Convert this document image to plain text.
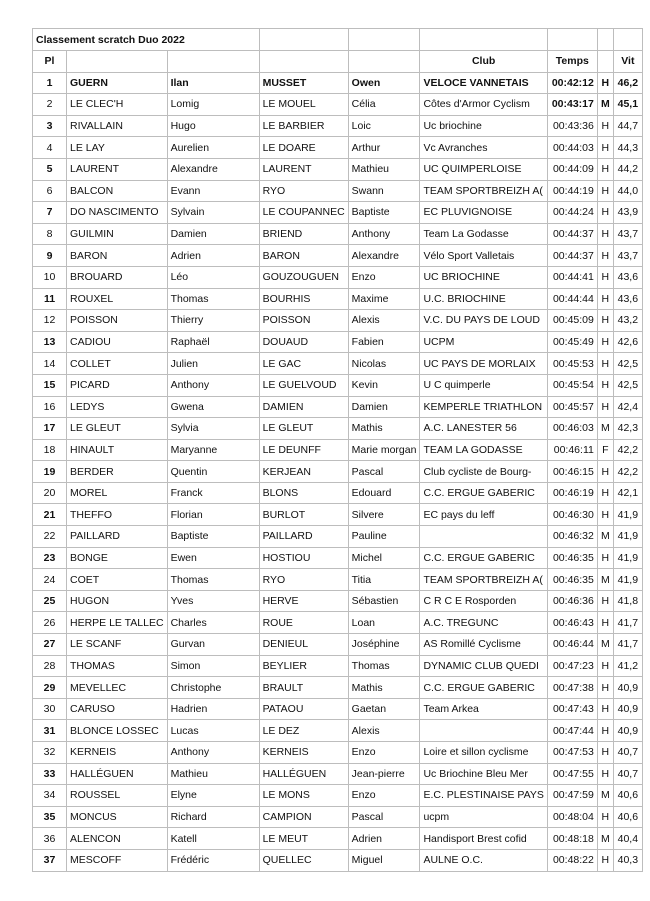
Classement scratch Duo 2022								
Pl					Club	Temps		Vit
1	GUERN	Ilan	MUSSET	Owen	VELOCE VANNETAIS	00:42:12	H	46,2
2	LE CLEC'H	Lomig	LE MOUEL	Célia	Côtes d'Armor Cyclism	00:43:17	M	45,1
3	RIVALLAIN	Hugo	LE BARBIER	Loic	Uc briochine	00:43:36	H	44,7
4	LE LAY	Aurelien	LE DOARE	Arthur	Vc Avranches	00:44:03	H	44,3
5	LAURENT	Alexandre	LAURENT	Mathieu	UC QUIMPERLOISE	00:44:09	H	44,2
6	BALCON	Evann	RYO	Swann	TEAM SPORTBREIZH A(	00:44:19	H	44,0
7	DO NASCIMENTO	Sylvain	LE COUPANNEC	Baptiste	EC PLUVIGNOISE	00:44:24	H	43,9
8	GUILMIN	Damien	BRIEND	Anthony	Team La Godasse	00:44:37	H	43,7
9	BARON	Adrien	BARON	Alexandre	Vélo Sport Valletais	00:44:37	H	43,7
10	BROUARD	Léo	GOUZOUGUEN	Enzo	UC BRIOCHINE	00:44:41	H	43,6
11	ROUXEL	Thomas	BOURHIS	Maxime	U.C. BRIOCHINE	00:44:44	H	43,6
12	POISSON	Thierry	POISSON	Alexis	V.C. DU PAYS DE LOUD	00:45:09	H	43,2
13	CADIOU	Raphaël	DOUAUD	Fabien	UCPM	00:45:49	H	42,6
14	COLLET	Julien	LE GAC	Nicolas	UC PAYS DE MORLAIX	00:45:53	H	42,5
15	PICARD	Anthony	LE GUELVOUD	Kevin	U C quimperle	00:45:54	H	42,5
16	LEDYS	Gwena	DAMIEN	Damien	KEMPERLE TRIATHLON	00:45:57	H	42,4
17	LE GLEUT	Sylvia	LE GLEUT	Mathis	A.C. LANESTER 56	00:46:03	M	42,3
18	HINAULT	Maryanne	LE DEUNFF	Marie morgan	TEAM LA GODASSE	00:46:11	F	42,2
19	BERDER	Quentin	KERJEAN	Pascal	Club cycliste de Bourg-	00:46:15	H	42,2
20	MOREL	Franck	BLONS	Edouard	C.C. ERGUE GABERIC	00:46:19	H	42,1
21	THEFFO	Florian	BURLOT	Silvere	EC pays du leff	00:46:30	H	41,9
22	PAILLARD	Baptiste	PAILLARD	Pauline		00:46:32	M	41,9
23	BONGE	Ewen	HOSTIOU	Michel	C.C. ERGUE GABERIC	00:46:35	H	41,9
24	COET	Thomas	RYO	Titia	TEAM SPORTBREIZH A(	00:46:35	M	41,9
25	HUGON	Yves	HERVE	Sébastien	C R C E Rosporden	00:46:36	H	41,8
26	HERPE LE TALLEC	Charles	ROUE	Loan	A.C. TREGUNC	00:46:43	H	41,7
27	LE SCANF	Gurvan	DENIEUL	Joséphine	AS Romillé Cyclisme	00:46:44	M	41,7
28	THOMAS	Simon	BEYLIER	Thomas	DYNAMIC CLUB QUEDI	00:47:23	H	41,2
29	MEVELLEC	Christophe	BRAULT	Mathis	C.C. ERGUE GABERIC	00:47:38	H	40,9
30	CARUSO	Hadrien	PATAOU	Gaetan	Team Arkea	00:47:43	H	40,9
31	BLONCE LOSSEC	Lucas	LE DEZ	Alexis		00:47:44	H	40,9
32	KERNEIS	Anthony	KERNEIS	Enzo	Loire et sillon cyclisme	00:47:53	H	40,7
33	HALLÉGUEN	Mathieu	HALLÉGUEN	Jean-pierre	Uc Briochine Bleu Mer	00:47:55	H	40,7
34	ROUSSEL	Elyne	LE MONS	Enzo	E.C. PLESTINAISE PAYS	00:47:59	M	40,6
35	MONCUS	Richard	CAMPION	Pascal	ucpm	00:48:04	H	40,6
36	ALENCON	Katell	LE MEUT	Adrien	Handisport Brest cofid	00:48:18	M	40,4
37	MESCOFF	Frédéric	QUELLEC	Miguel	AULNE O.C.	00:48:22	H	40,3
